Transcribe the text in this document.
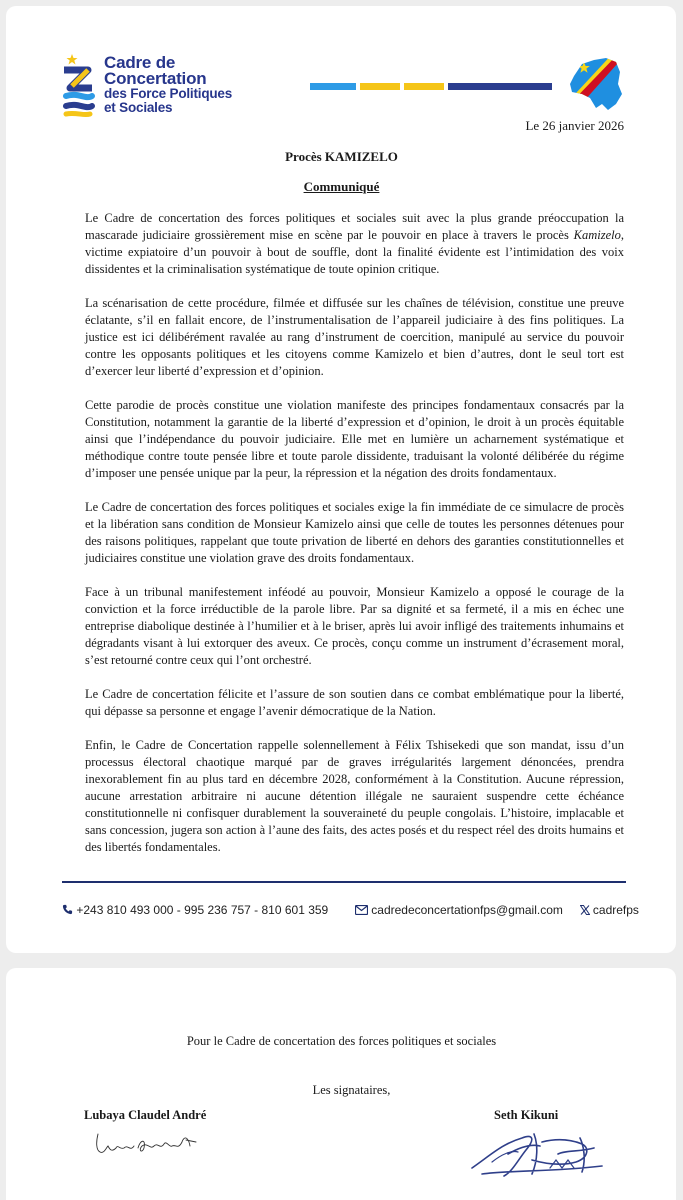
Cadre de
Concertation
des Force Politiques
et Sociales
Le 26 janvier 2026
Procès KAMIZELO
Communiqué

Le Cadre de concertation des forces politiques et sociales suit avec la plus grande préoccupation la mascarade judiciaire grossièrement mise en scène par le pouvoir en place à travers le procès Kamizelo, victime expiatoire d’un pouvoir à bout de souffle, dont la finalité évidente est l’intimidation des voix dissidentes et la criminalisation systématique de toute opinion critique.

La scénarisation de cette procédure, filmée et diffusée sur les chaînes de télévision, constitue une preuve éclatante, s’il en fallait encore, de l’instrumentalisation de l’appareil judiciaire à des fins politiques. La justice est ici délibérément ravalée au rang d’instrument de coercition, manipulé au service du pouvoir contre les opposants politiques et les citoyens comme Kamizelo et bien d’autres, dont le seul tort est d’exercer leur liberté d’expression et d’opinion.

Cette parodie de procès constitue une violation manifeste des principes fondamentaux consacrés par la Constitution, notamment la garantie de la liberté d’expression et d’opinion, le droit à un procès équitable ainsi que l’indépendance du pouvoir judiciaire. Elle met en lumière un acharnement systématique et méthodique contre toute pensée libre et toute parole dissidente, traduisant la volonté délibérée du régime d’imposer une pensée unique par la peur, la répression et la négation des droits fondamentaux.

Le Cadre de concertation des forces politiques et sociales exige la fin immédiate de ce simulacre de procès et la libération sans condition de Monsieur Kamizelo ainsi que celle de toutes les personnes détenues pour des raisons politiques, rappelant que toute privation de liberté en dehors des garanties constitutionnelles et judiciaires constitue une violation grave des droits fondamentaux.

Face à un tribunal manifestement inféodé au pouvoir, Monsieur Kamizelo a opposé le courage de la conviction et la force irréductible de la parole libre. Par sa dignité et sa fermeté, il a mis en échec une entreprise diabolique destinée à l’humilier et à le briser, après lui avoir infligé des traitements inhumains et dégradants visant à lui extorquer des aveux. Ce procès, conçu comme un instrument d’écrasement moral, s’est retourné contre ceux qui l’ont orchestré.

Le Cadre de concertation félicite et l’assure de son soutien dans ce combat emblématique pour la liberté, qui dépasse sa personne et engage l’avenir démocratique de la Nation.

Enfin, le Cadre de Concertation rappelle solennellement à Félix Tshisekedi que son mandat, issu d’un processus électoral chaotique marqué par de graves irrégularités largement dénoncées, prendra inexorablement fin au plus tard en décembre 2028, conformément à la Constitution. Aucune répression, aucune arrestation arbitraire ni aucune détention illégale ne sauraient suspendre cette échéance constitutionnelle ni confisquer durablement la souveraineté du peuple congolais. L’histoire, implacable et sans concession, jugera son action à l’aune des faits, des actes posés et du respect réel des droits humains et des libertés fondamentales.

+243 810 493 000 - 995 236 757 - 810 601 359	cadredeconcertationfps@gmail.com	cadrefps
Pour le Cadre de concertation des forces politiques et sociales
Les signataires,
Lubaya Claudel André	Seth Kikuni
